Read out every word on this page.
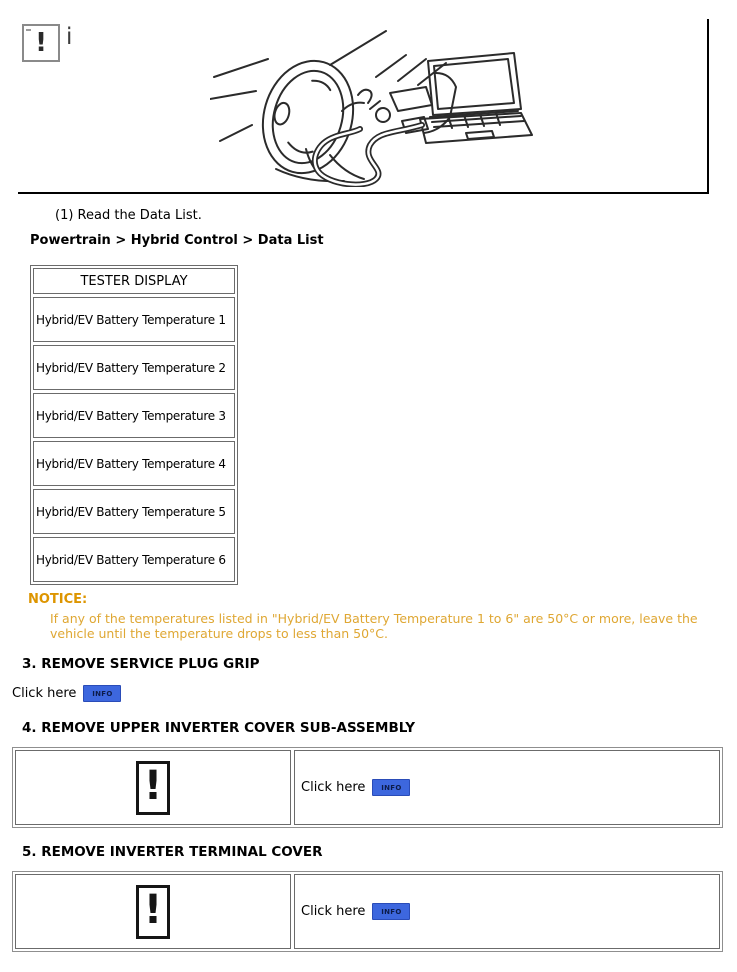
! i
(1) Read the Data List.
Powertrain > Hybrid Control > Data List
TESTER DISPLAY
Hybrid/EV Battery Temperature 1
Hybrid/EV Battery Temperature 2
Hybrid/EV Battery Temperature 3
Hybrid/EV Battery Temperature 4
Hybrid/EV Battery Temperature 5
Hybrid/EV Battery Temperature 6
NOTICE:
If any of the temperatures listed in "Hybrid/EV Battery Temperature 1 to 6" are 50°C or more, leave the vehicle until the temperature drops to less than 50°C.
3. REMOVE SERVICE PLUG GRIP
Click here	INFO
4. REMOVE UPPER INVERTER COVER SUB-ASSEMBLY
!	Click here	INFO
5. REMOVE INVERTER TERMINAL COVER
!	Click here	INFO
